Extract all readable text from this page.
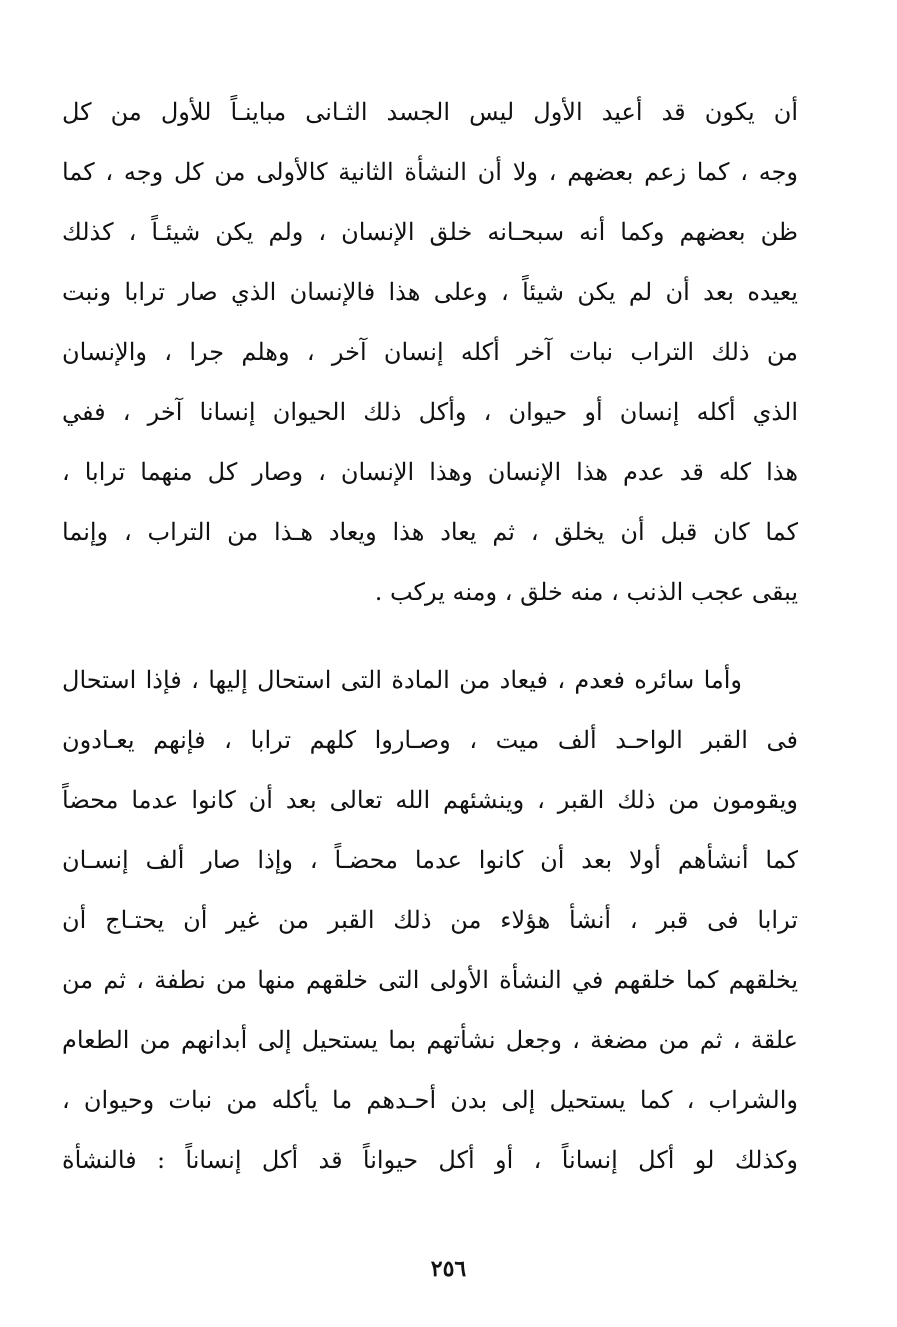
أن يكون قد أعيد الأول ليس الجسد الثـانى مباينـاً للأول من كل
وجه ، كما زعم بعضهم ، ولا أن النشأة الثانية كالأولى من كل وجه ، كما
ظن بعضهم وكما أنه سبحـانه خلق الإنسان ، ولم يكن شيئـاً ، كذلك
يعيده بعد أن لم يكن شيئاً ، وعلى هذا فالإنسان الذي صار ترابا ونبت
من ذلك التراب نبات آخر أكله إنسان آخر ، وهلم جرا ، والإنسان
الذي أكله إنسان أو حيوان ، وأكل ذلك الحيوان إنسانا آخر ، ففي
هذا كله قد عدم هذا الإنسان وهذا الإنسان ، وصار كل منهما ترابا ،
كما كان قبل أن يخلق ، ثم يعاد هذا ويعاد هـذا من التراب ، وإنما
يبقى عجب الذنب ، منه خلق ، ومنه يركب .
وأما سائره فعدم ، فيعاد من المادة التى استحال إليها ، فإذا استحال
فى القبر الواحـد ألف ميت ، وصـاروا كلهم ترابا ، فإنهم يعـادون
ويقومون من ذلك القبر ، وينشئهم الله تعالى بعد أن كانوا عدما محضاً
كما أنشأهم أولا بعد أن كانوا عدما محضـاً ، وإذا صار ألف إنسـان
ترابا فى قبر ، أنشأ هؤلاء من ذلك القبر من غير أن يحتـاج أن
يخلقهم كما خلقهم في النشأة الأولى التى خلقهم منها من نطفة ، ثم من
علقة ، ثم من مضغة ، وجعل نشأتهم بما يستحيل إلى أبدانهم من الطعام
والشراب ، كما يستحيل إلى بدن أحـدهم ما يأكله من نبات وحيوان ،
وكذلك لو أكل إنساناً ، أو أكل حيواناً قد أكل إنساناً : فالنشأة
٢٥٦
